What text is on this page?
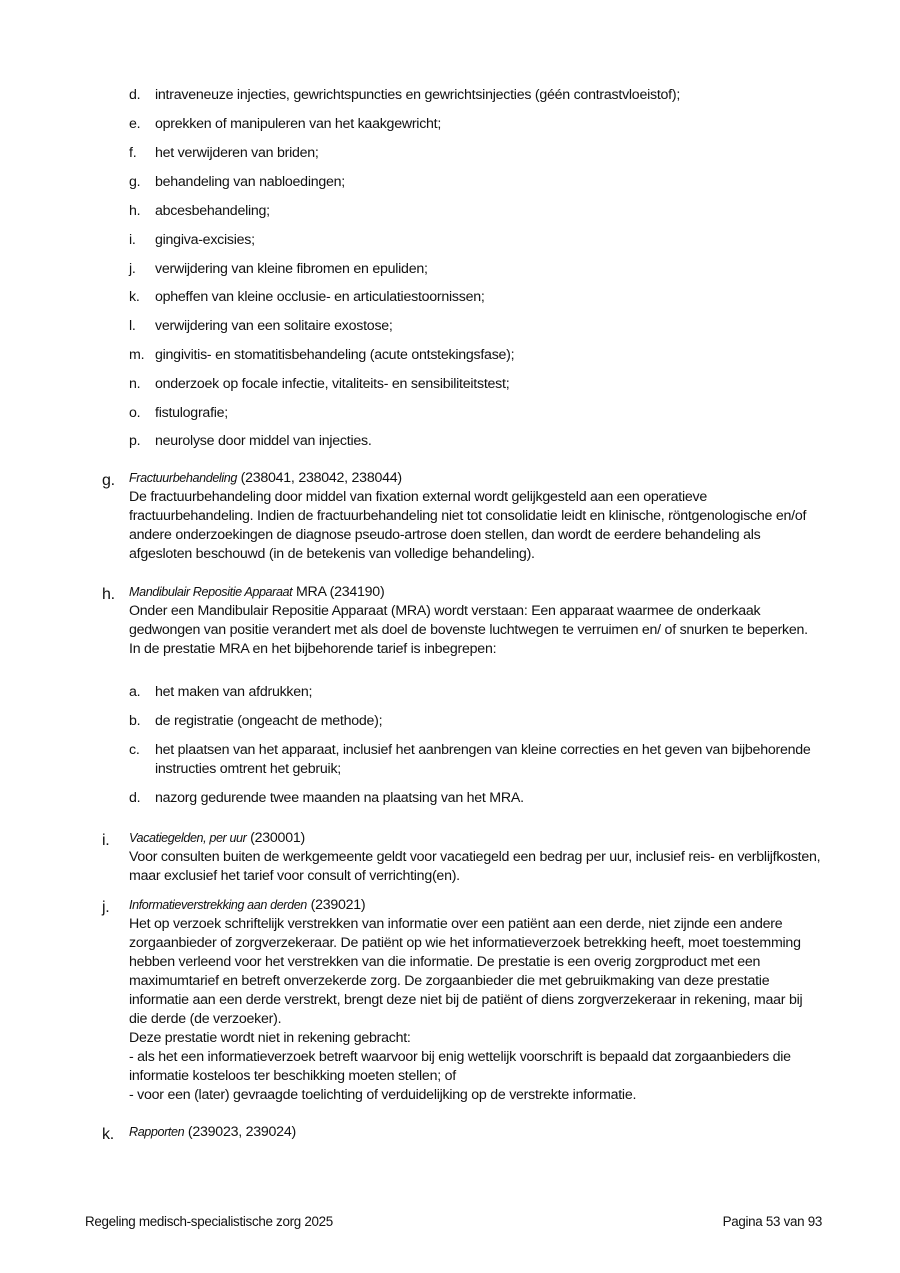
d.	intraveneuze injecties, gewrichtspuncties en gewrichtsinjecties (géén contrastvloeistof);
e.	oprekken of manipuleren van het kaakgewricht;
f.	het verwijderen van briden;
g.	behandeling van nabloedingen;
h.	abcesbehandeling;
i.	gingiva-excisies;
j.	verwijdering van kleine fibromen en epuliden;
k.	opheffen van kleine occlusie- en articulatiestoornissen;
l.	verwijdering van een solitaire exostose;
m. gingivitis- en stomatitisbehandeling (acute ontstekingsfase);
n.	onderzoek op focale infectie, vitaliteits- en sensibiliteitstest;
o.	fistulografie;
p.	neurolyse door middel van injecties.
g.	Fractuurbehandeling (238041, 238042, 238044)
De fractuurbehandeling door middel van fixation external wordt gelijkgesteld aan een operatieve fractuurbehandeling. Indien de fractuurbehandeling niet tot consolidatie leidt en klinische, röntgenologische en/of andere onderzoekingen de diagnose pseudo-artrose doen stellen, dan wordt de eerdere behandeling als afgesloten beschouwd (in de betekenis van volledige behandeling).
h.	Mandibulair Repositie Apparaat MRA (234190)
Onder een Mandibulair Repositie Apparaat (MRA) wordt verstaan: Een apparaat waarmee de onderkaak gedwongen van positie verandert met als doel de bovenste luchtwegen te verruimen en/ of snurken te beperken.
In de prestatie MRA en het bijbehorende tarief is inbegrepen:
a.	het maken van afdrukken;
b.	de registratie (ongeacht de methode);
c.	het plaatsen van het apparaat, inclusief het aanbrengen van kleine correcties en het geven van bijbehorende instructies omtrent het gebruik;
d.	nazorg gedurende twee maanden na plaatsing van het MRA.
i.	Vacatiegelden, per uur (230001)
Voor consulten buiten de werkgemeente geldt voor vacatiegeld een bedrag per uur, inclusief reis- en verblijfkosten, maar exclusief het tarief voor consult of verrichting(en).
j.	Informatieverstrekking aan derden (239021)
Het op verzoek schriftelijk verstrekken van informatie over een patiënt aan een derde, niet zijnde een andere zorgaanbieder of zorgverzekeraar. De patiënt op wie het informatieverzoek betrekking heeft, moet toestemming hebben verleend voor het verstrekken van die informatie. De prestatie is een overig zorgproduct met een maximumtarief en betreft onverzekerde zorg. De zorgaanbieder die met gebruikmaking van deze prestatie informatie aan een derde verstrekt, brengt deze niet bij de patiënt of diens zorgverzekeraar in rekening, maar bij die derde (de verzoeker).
Deze prestatie wordt niet in rekening gebracht:
- als het een informatieverzoek betreft waarvoor bij enig wettelijk voorschrift is bepaald dat zorgaanbieders die informatie kosteloos ter beschikking moeten stellen; of
- voor een (later) gevraagde toelichting of verduidelijking op de verstrekte informatie.
k.	Rapporten (239023, 239024)
Regeling medisch-specialistische zorg 2025	Pagina 53 van 93
